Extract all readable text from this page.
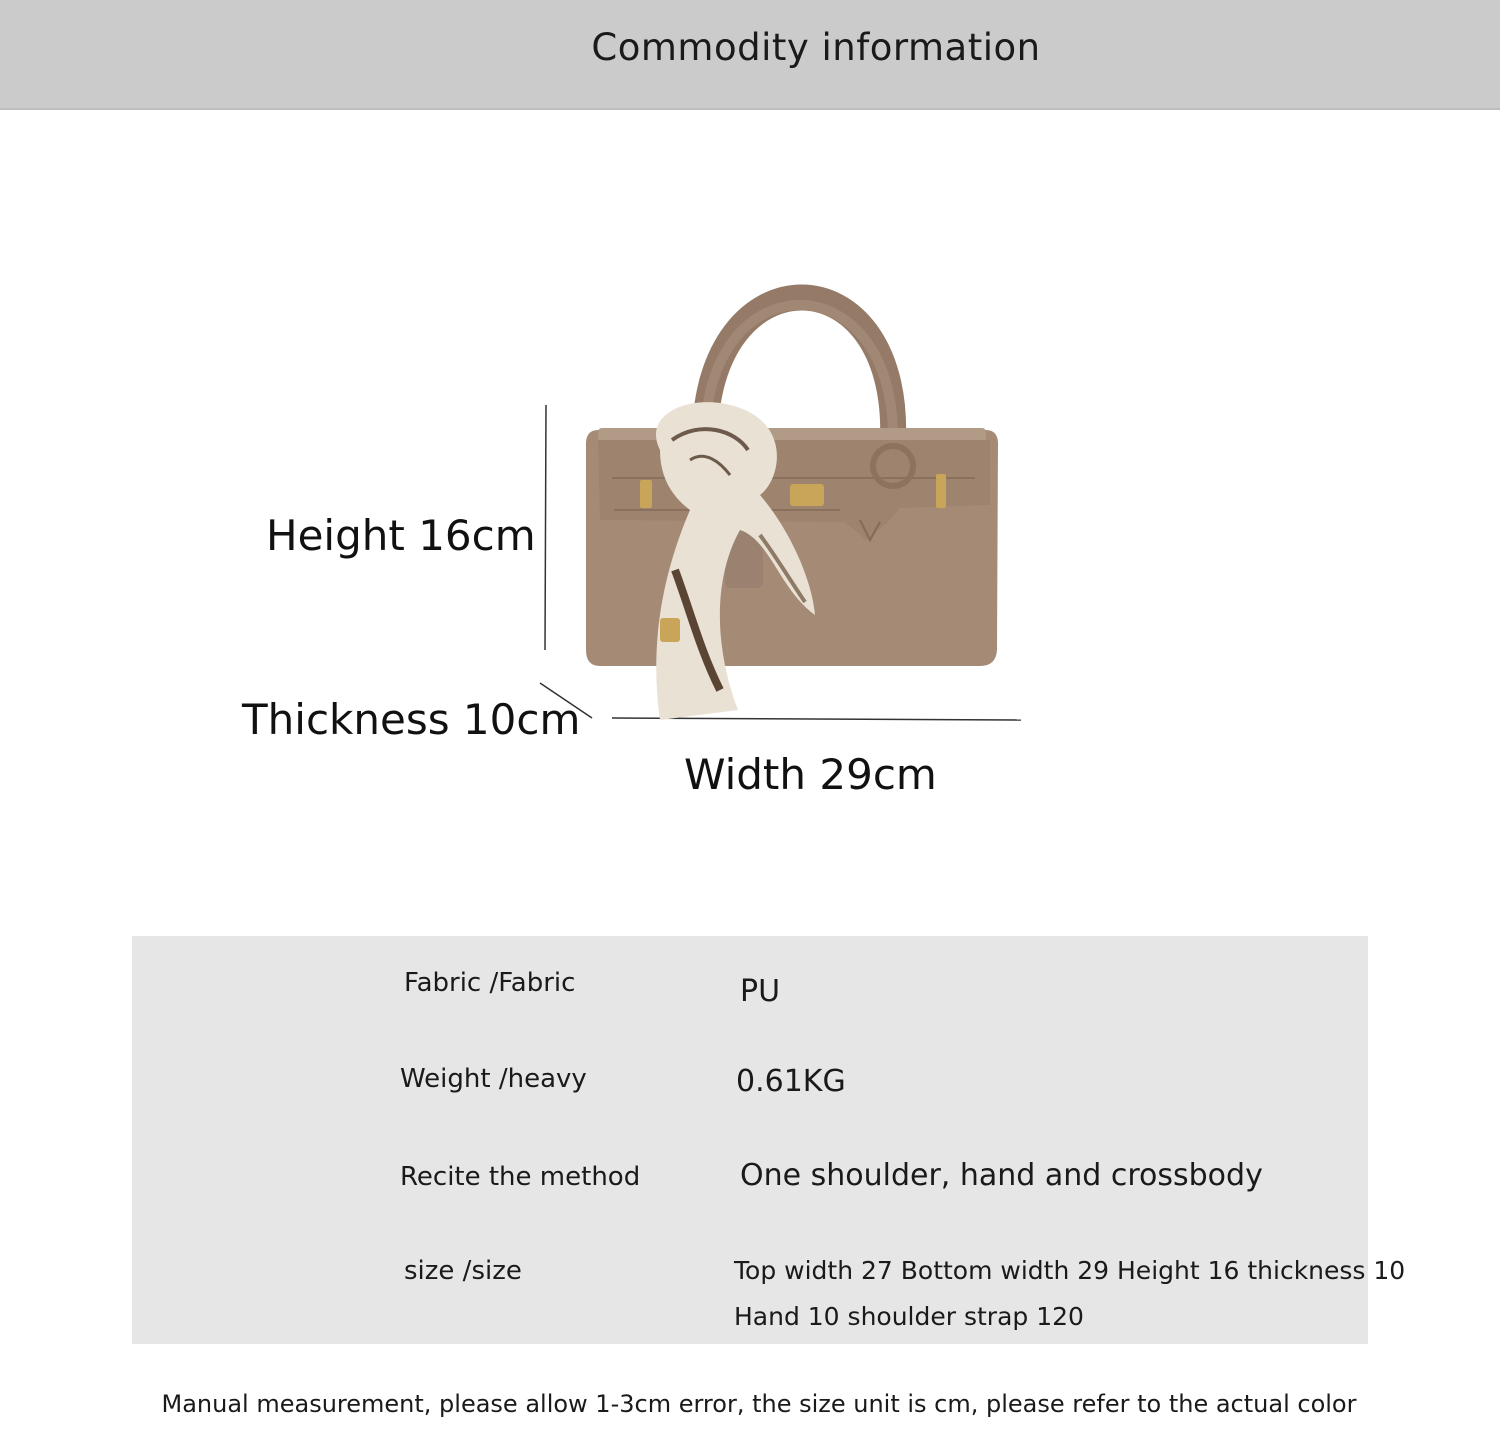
Commodity information
Height 16cm
Thickness 10cm
Width 29cm
Fabric /Fabric	PU
Weight /heavy	0.61KG
Recite the method	One shoulder, hand and crossbody
size /size	Top width 27 Bottom width 29 Height 16 thickness 10
Hand 10 shoulder strap 120
Manual measurement, please allow 1-3cm error, the size unit is cm, please refer to the actual color
